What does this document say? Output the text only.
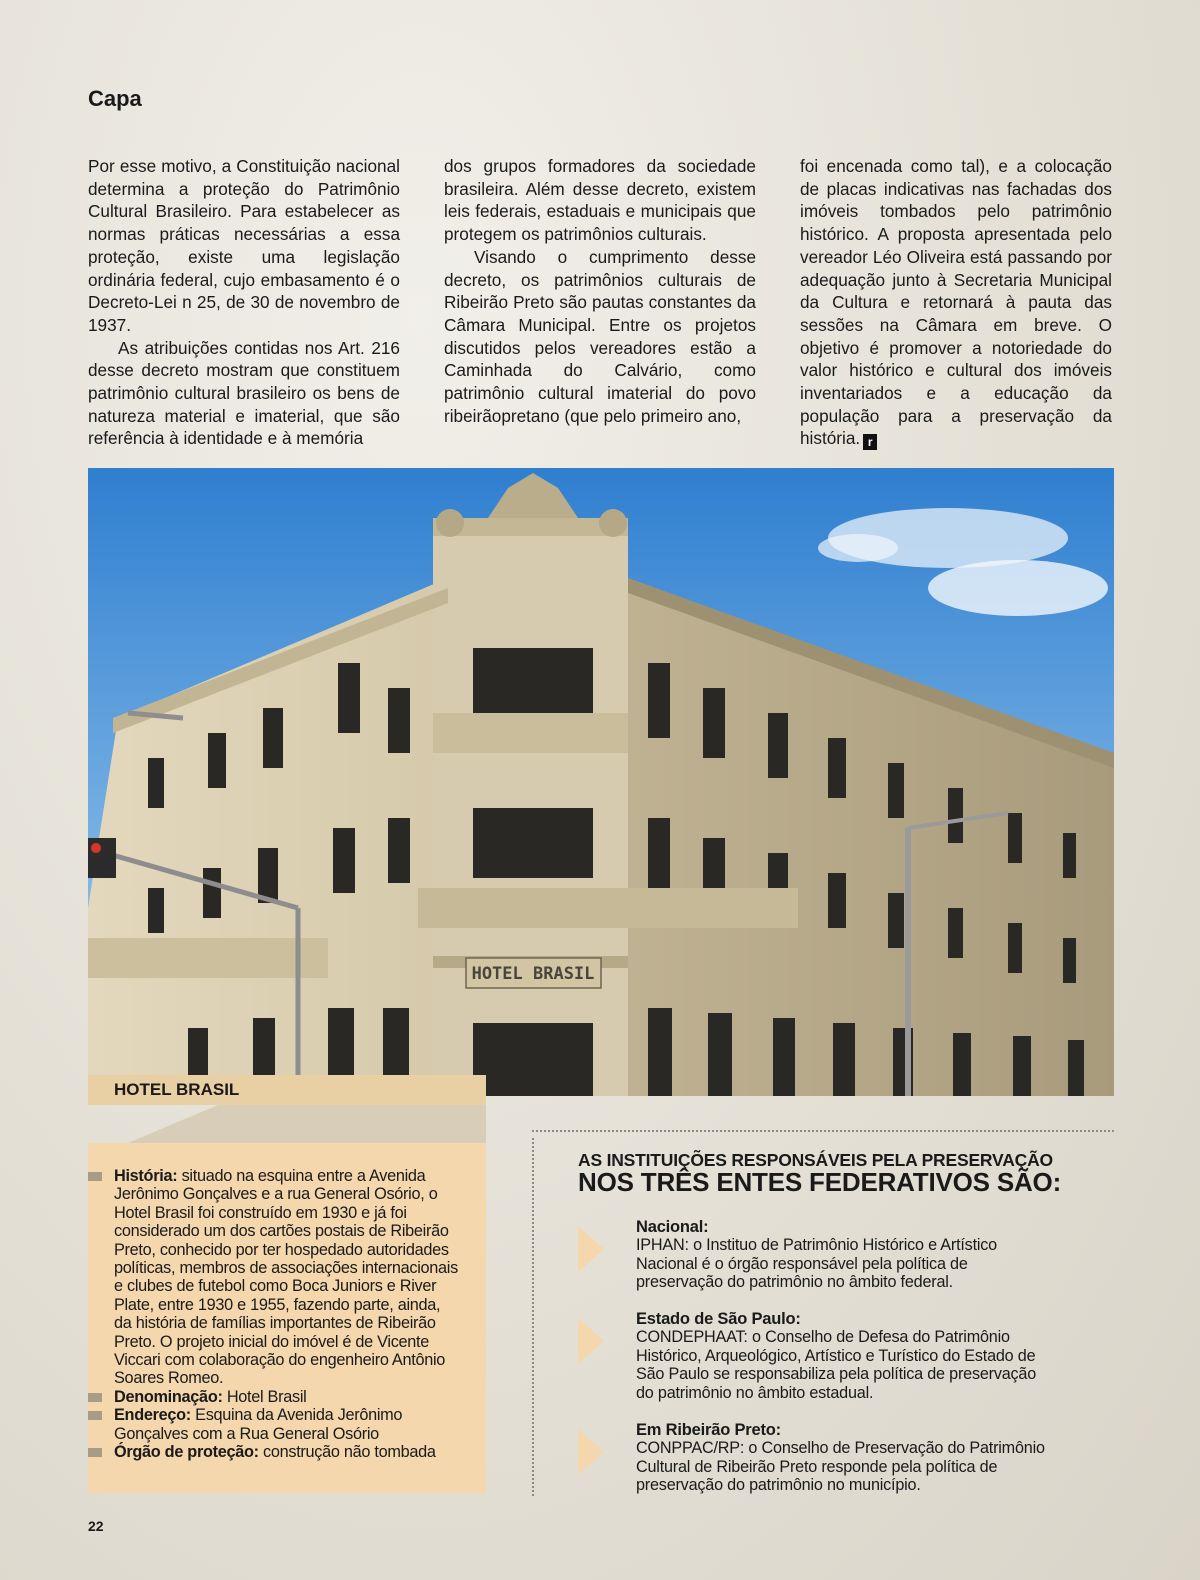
Capa

Por esse motivo, a Constituição nacional determina a proteção do Patrimônio Cultural Brasileiro. Para estabelecer as normas práticas necessárias a essa proteção, existe uma legislação ordinária federal, cujo embasamento é o Decreto-Lei n 25, de 30 de novembro de 1937.

As atribuições contidas nos Art. 216 desse decreto mostram que constituem patrimônio cultural brasileiro os bens de natureza material e imaterial, que são referência à identidade e à memória

dos grupos formadores da sociedade brasileira. Além desse decreto, existem leis federais, estaduais e municipais que protegem os patrimônios culturais.

Visando o cumprimento desse decreto, os patrimônios culturais de Ribeirão Preto são pautas constantes da Câmara Municipal. Entre os projetos discutidos pelos vereadores estão a Caminhada do Calvário, como patrimônio cultural imaterial do povo ribeirãopretano (que pelo primeiro ano,

foi encenada como tal), e a colocação de placas indicativas nas fachadas dos imóveis tombados pelo patrimônio histórico. A proposta apresentada pelo vereador Léo Oliveira está passando por adequação junto à Secretaria Municipal da Cultura e retornará à pauta das sessões na Câmara em breve. O objetivo é promover a notoriedade do valor histórico e cultural dos imóveis inventariados e a educação da população para a preservação da história. r

HOTEL BRASIL
HOTEL BRASIL
História: situado na esquina entre a Avenida Jerônimo Gonçalves e a rua General Osório, o Hotel Brasil foi construído em 1930 e já foi considerado um dos cartões postais de Ribeirão Preto, conhecido por ter hospedado autoridades políticas, membros de associações internacionais e clubes de futebol como Boca Juniors e River Plate, entre 1930 e 1955, fazendo parte, ainda, da história de famílias importantes de Ribeirão Preto. O projeto inicial do imóvel é de Vicente Viccari com colaboração do engenheiro Antônio Soares Romeo.
Denominação: Hotel Brasil
Endereço: Esquina da Avenida Jerônimo Gonçalves com a Rua General Osório
Órgão de proteção: construção não tombada
AS INSTITUIÇÕES RESPONSÁVEIS PELA PRESERVAÇÃO
NOS TRÊS ENTES FEDERATIVOS SÃO:
Nacional:
IPHAN: o Instituo de Patrimônio Histórico e Artístico Nacional é o órgão responsável pela política de preservação do patrimônio no âmbito federal.
Estado de São Paulo:
CONDEPHAAT: o Conselho de Defesa do Patrimônio Histórico, Arqueológico, Artístico e Turístico do Estado de São Paulo se responsabiliza pela política de preservação do patrimônio no âmbito estadual.
Em Ribeirão Preto:
CONPPAC/RP: o Conselho de Preservação do Patrimônio Cultural de Ribeirão Preto responde pela política de preservação do patrimônio no município.
22
